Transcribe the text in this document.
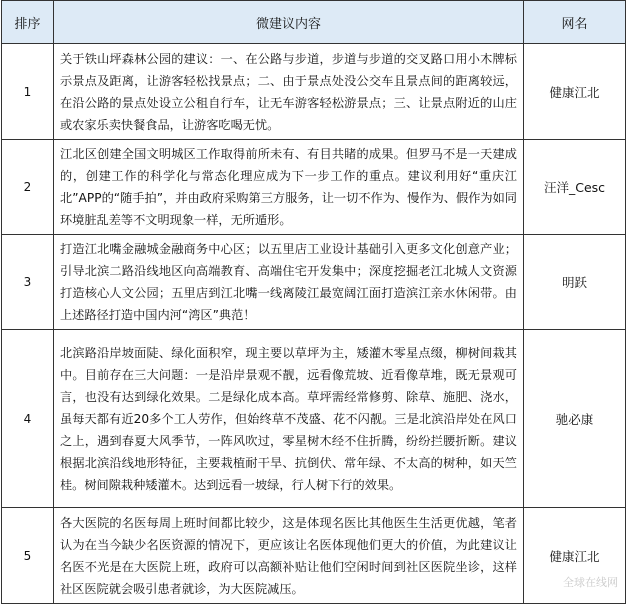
排序	微建议内容	网名
1	关于铁山坪森林公园的建议：一、在公路与步道，步道与步道的交叉路口用小木牌标示景点及距离，让游客轻松找景点；二、由于景点处没公交车且景点间的距离较远，在沿公路的景点处设立公租自行车，让无车游客轻松游景点；三、让景点附近的山庄或农家乐卖快餐食品，让游客吃喝无忧。	健康江北
2	江北区创建全国文明城区工作取得前所未有、有目共睹的成果。但罗马不是一天建成的，创建工作的科学化与常态化理应成为下一步工作的重点。建议利用好“重庆江北”APP的“随手拍”，并由政府采购第三方服务，让一切不作为、慢作为、假作为如同环境脏乱差等不文明现象一样，无所遁形。	汪洋_Cesc
3	打造江北嘴金融城金融商务中心区；以五里店工业设计基础引入更多文化创意产业；引导北滨二路沿线地区向高端教育、高端住宅开发集中；深度挖掘老江北城人文资源打造核心人文公园；五里店到江北嘴一线离陵江最宽阔江面打造滨江亲水休闲带。由上述路径打造中国内河“湾区”典范！	明跃
4	北滨路沿岸坡面陡、绿化面积窄，现主要以草坪为主，矮灌木零星点缀，柳树间栽其中。目前存在三大问题：一是沿岸景观不靓，远看像荒坡、近看像草堆，既无景观可言，也没有达到绿化效果。二是绿化成本高。草坪需经常修剪、除草、施肥、浇水，虽每天都有近20多个工人劳作，但始终草不茂盛、花不闪靓。三是北滨沿岸处在风口之上，遇到春夏大风季节，一阵风吹过，零星树木经不住折腾，纷纷拦腰折断。建议根据北滨沿线地形特征，主要栽植耐干旱、抗倒伏、常年绿、不太高的树种，如天竺桂。树间隙栽种矮灌木。达到远看一坡绿，行人树下行的效果。	驰必康
5	各大医院的名医每周上班时间都比较少，这是体现名医比其他医生生活更优越，笔者认为在当今缺少名医资源的情况下，更应该让名医体现他们更大的价值，为此建议让名医不光是在大医院上班，政府可以高额补贴让他们空闲时间到社区医院坐诊，这样社区医院就会吸引患者就诊，为大医院减压。	健康江北
全球在线网
